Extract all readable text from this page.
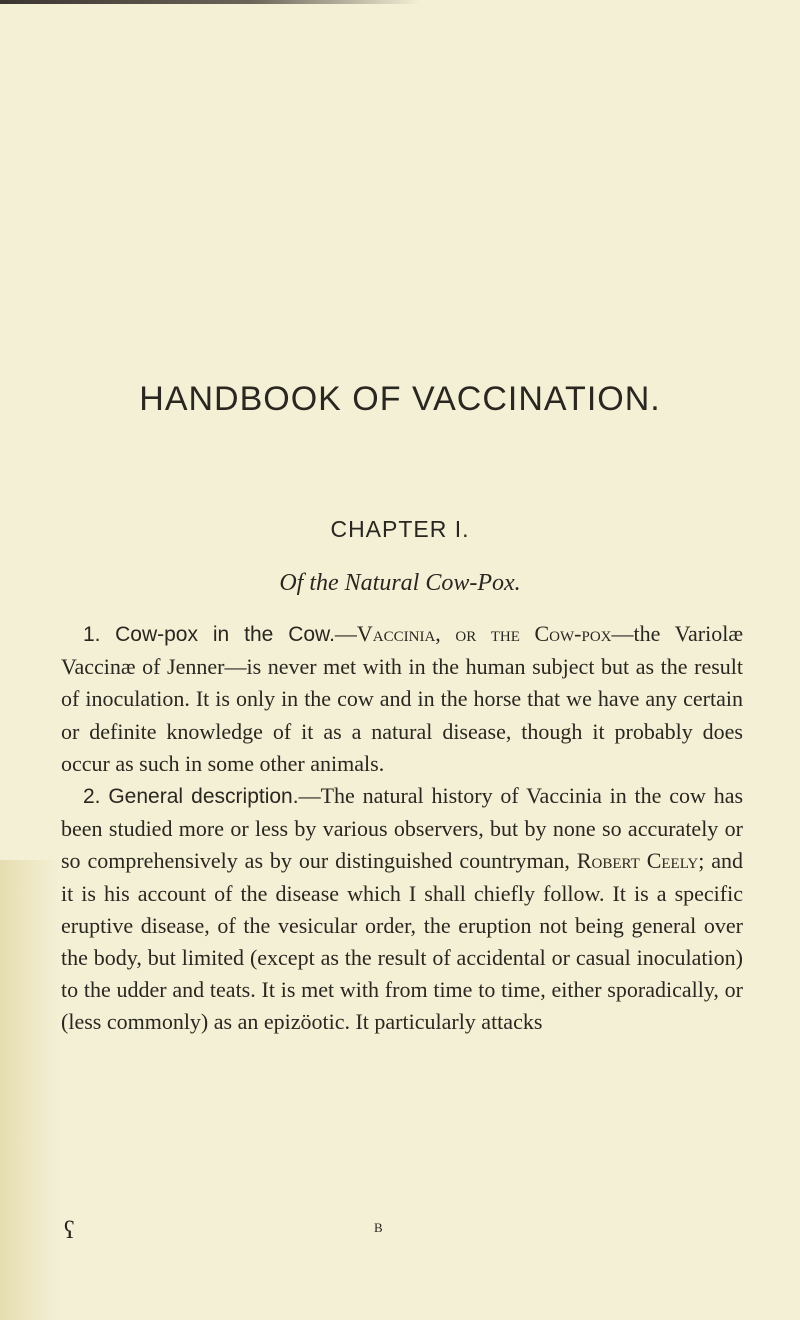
HANDBOOK OF VACCINATION.
CHAPTER I.
Of the Natural Cow-Pox.

1. Cow-pox in the Cow.—Vaccinia, or the Cow-pox—the Variolæ Vaccinæ of Jenner—is never met with in the human subject but as the result of inoculation. It is only in the cow and in the horse that we have any certain or definite knowledge of it as a natural disease, though it probably does occur as such in some other animals.

2. General description.—The natural history of Vaccinia in the cow has been studied more or less by various observers, but by none so accurately or so comprehensively as by our distinguished countryman, Robert Ceely; and it is his account of the disease which I shall chiefly follow. It is a specific eruptive disease, of the vesicular order, the eruption not being general over the body, but limited (except as the result of accidental or casual inoculation) to the udder and teats. It is met with from time to time, either sporadically, or (less commonly) as an epizöotic. It particularly attacks

ʕ	B
